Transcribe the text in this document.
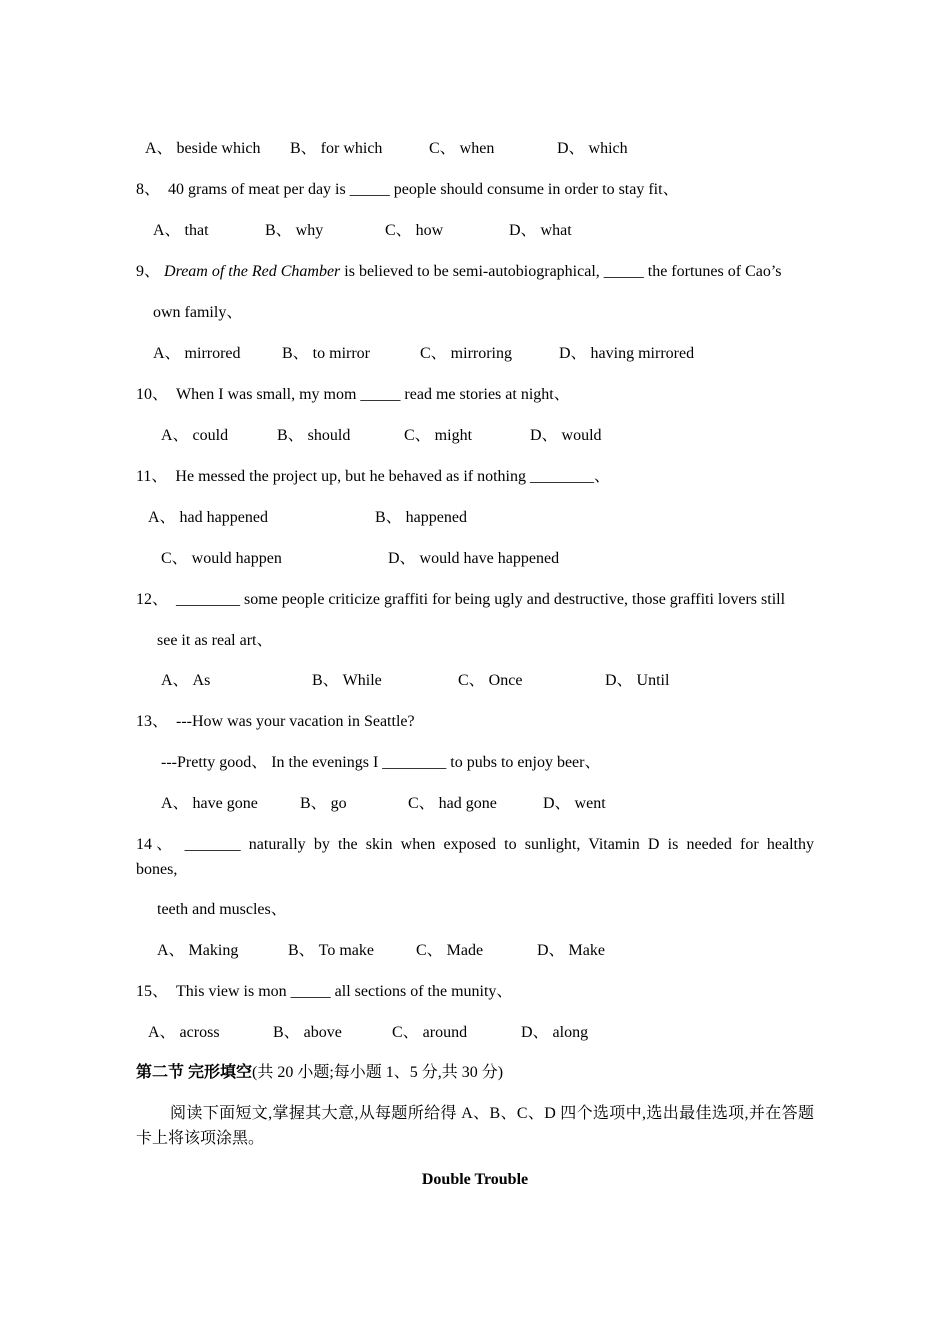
A、 beside which B、 for which	C、 when	D、 which
8、  40 grams of meat per day is _____ people should consume in order to stay fit、
A、 that	B、 why	C、 how	D、 what
9、 Dream of the Red Chamber is believed to be semi-autobiographical, _____ the fortunes of Cao’s
own family、
A、 mirrored	B、 to mirror	C、 mirroring	D、 having mirrored
10、  When I was small, my mom _____ read me stories at night、
A、 could	B、 should	C、 might	D、 would
11、  He messed the project up, but he behaved as if nothing ________、
A、 had happened	B、 happened
C、 would happen	D、 would have happened
12、  ________ some people criticize graffiti for being ugly and destructive, those graffiti lovers still
see it as real art、
A、 As	B、 While	C、 Once	D、 Until
13、  ---How was your vacation in Seattle?
---Pretty good、 In the evenings I ________ to pubs to enjoy beer、
A、 have gone	B、 go	C、 had gone	D、 went
14、 _______ naturally by the skin when exposed to sunlight, Vitamin D is needed for healthy
bones,
teeth and muscles、
A、 Making	B、 To make	C、 Made	D、 Make
15、  This view is mon _____ all sections of the munity、
A、 across	B、 above	C、 around	D、 along
第二节 完形填空(共 20 小题;每小题 1、5 分,共 30 分)
阅读下面短文,掌握其大意,从每题所给得 A、B、C、D 四个选项中,选出最佳选项,并在答题卡上将该项涂黑。
Double Trouble
